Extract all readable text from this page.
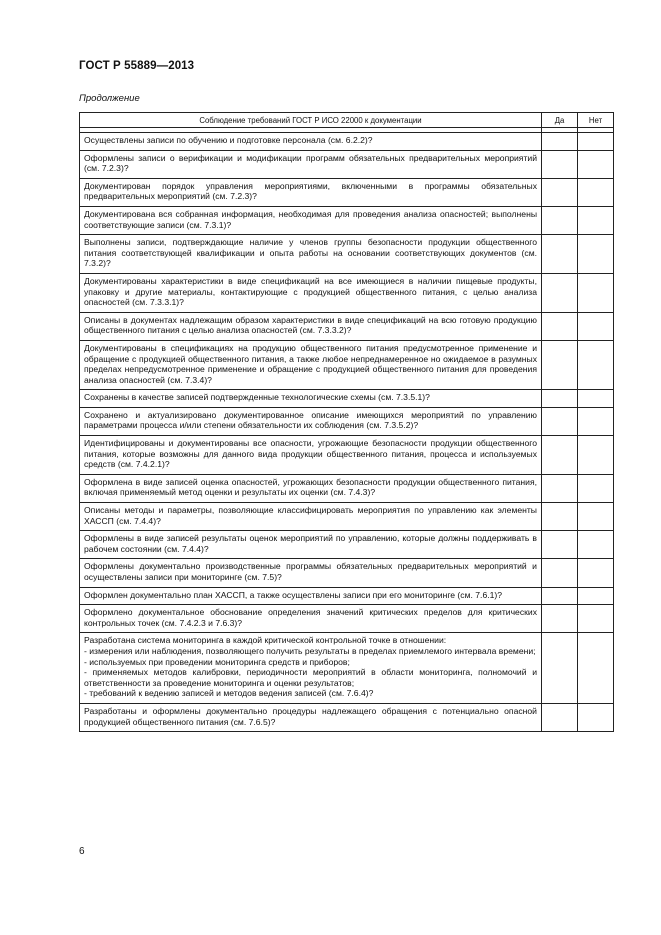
ГОСТ Р 55889—2013
Продолжение
Соблюдение требований ГОСТ Р ИСО 22000 к документации	Да	Нет

Осуществлены записи по обучению и подготовке персонала (см. 6.2.2)?		
Оформлены записи о верификации и модификации программ обязательных предварительных мероприятий (см. 7.2.3)?		
Документирован порядок управления мероприятиями, включенными в программы обязательных предварительных мероприятий (см. 7.2.3)?		
Документирована вся собранная информация, необходимая для проведения анализа опасностей; выполнены соответствующие записи (см. 7.3.1)?		
Выполнены записи, подтверждающие наличие у членов группы безопасности продукции общественного питания соответствующей квалификации и опыта работы на основании соответствующих документов (см. 7.3.2)?		
Документированы характеристики в виде спецификаций на все имеющиеся в наличии пищевые продукты, упаковку и другие материалы, контактирующие с продукцией общественного питания, с целью анализа опасностей (см. 7.3.3.1)?		
Описаны в документах надлежащим образом характеристики в виде спецификаций на всю готовую продукцию общественного питания с целью анализа опасностей (см. 7.3.3.2)?		
Документированы в спецификациях на продукцию общественного питания предусмотренное применение и обращение с продукцией общественного питания, а также любое непреднамеренное но ожидаемое в разумных пределах непредусмотренное применение и обращение с продукцией общественного питания для проведения анализа опасностей (см. 7.3.4)?		
Сохранены в качестве записей подтвержденные технологические схемы (см. 7.3.5.1)?		
Сохранено и актуализировано документированное описание имеющихся мероприятий по управлению параметрами процесса и/или степени обязательности их соблюдения (см. 7.3.5.2)?		
Идентифицированы и документированы все опасности, угрожающие безопасности продукции общественного питания, которые возможны для данного вида продукции общественного питания, процесса и используемых средств (см. 7.4.2.1)?		
Оформлена в виде записей оценка опасностей, угрожающих безопасности продукции общественного питания, включая применяемый метод оценки и результаты их оценки (см. 7.4.3)?		
Описаны методы и параметры, позволяющие классифицировать мероприятия по управлению как элементы ХАССП (см. 7.4.4)?		
Оформлены в виде записей результаты оценок мероприятий по управлению, которые должны поддерживать в рабочем состоянии (см. 7.4.4)?		
Оформлены документально производственные программы обязательных предварительных мероприятий и осуществлены записи при мониторинге (см. 7.5)?		
Оформлен документально план ХАССП, а также осуществлены записи при его мониторинге (см. 7.6.1)?		
Оформлено документальное обоснование определения значений критических пределов для критических контрольных точек (см. 7.4.2.3 и 7.6.3)?		
Разработана система мониторинга в каждой критической контрольной точке в отношении:
- измерения или наблюдения, позволяющего получить результаты в пределах приемлемого интервала времени;
- используемых при проведении мониторинга средств и приборов;
- применяемых методов калибровки, периодичности мероприятий в области мониторинга, полномочий и ответственности за проведение мониторинга и оценки результатов;
- требований к ведению записей и методов ведения записей (см. 7.6.4)?		
Разработаны и оформлены документально процедуры надлежащего обращения с потенциально опасной продукцией общественного питания (см. 7.6.5)?		
6
